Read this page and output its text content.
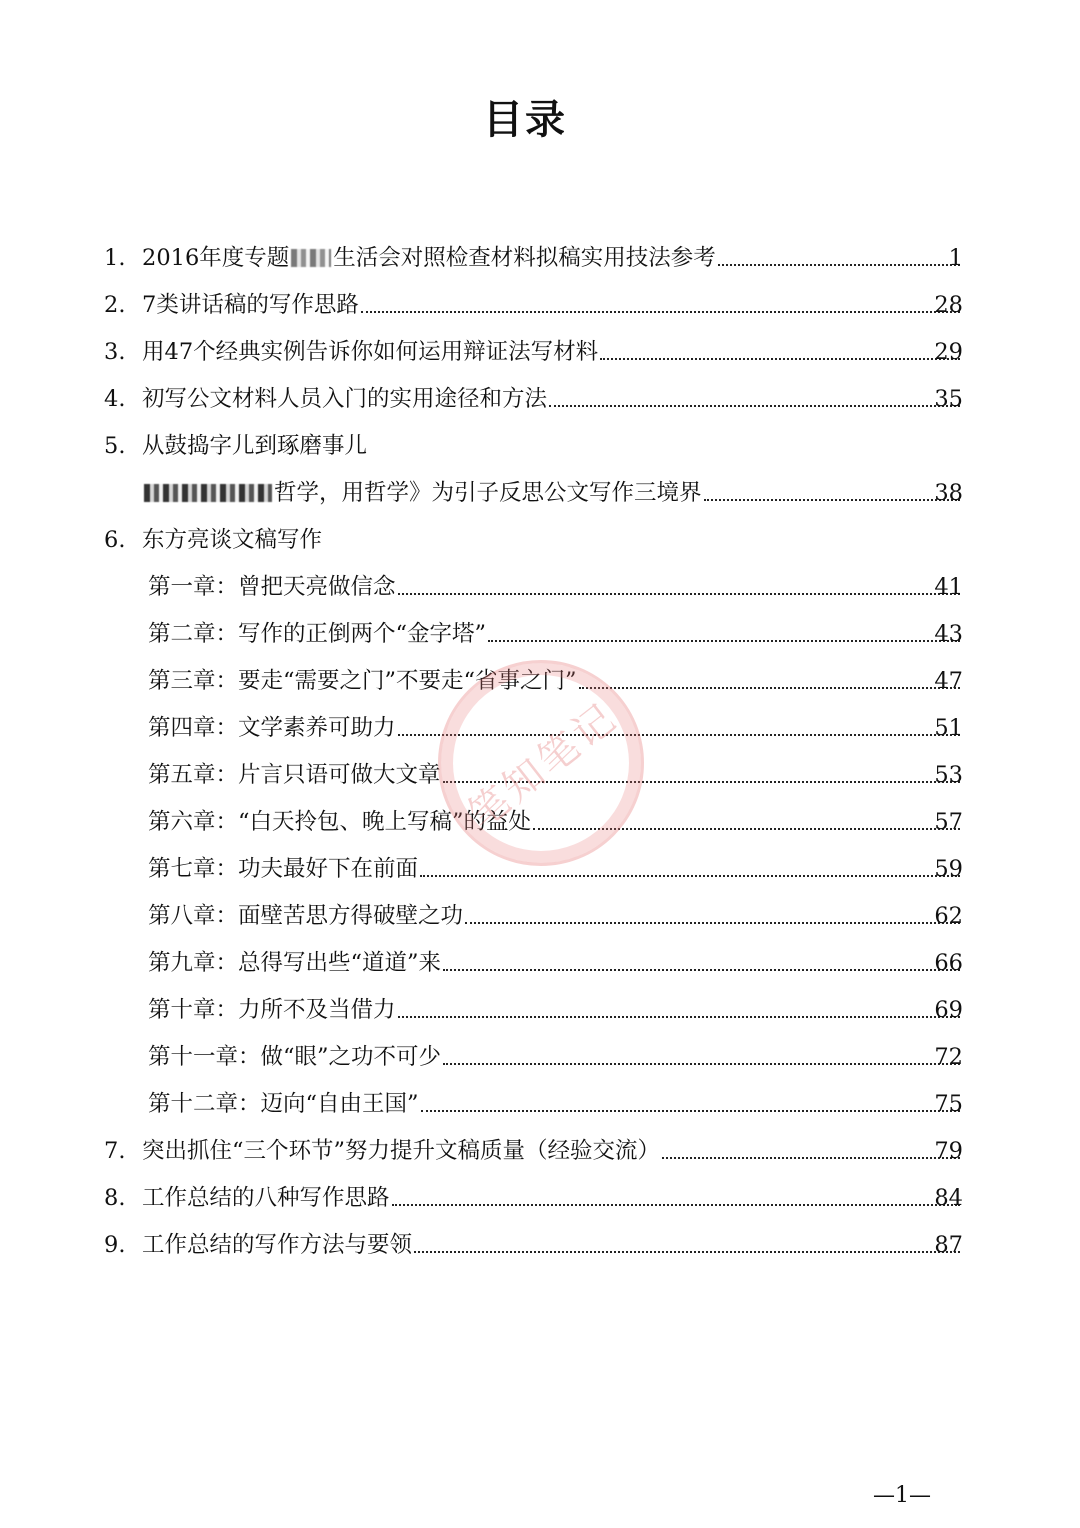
目录
1. 2016年度专题 生活会对照检查材料拟稿实用技法参考	1
2. 7类讲话稿的写作思路	28
3. 用47个经典实例告诉你如何运用辩证法写材料	29
4. 初写公文材料人员入门的实用途径和方法	35
5. 从鼓捣字儿到琢磨事儿
哲学，用哲学》为引子反思公文写作三境界	38
6. 东方亮谈文稿写作
第一章：曾把天亮做信念	41
第二章：写作的正倒两个“金字塔”	43
第三章：要走“需要之门”不要走“省事之门”	47
第四章：文学素养可助力	51
第五章：片言只语可做大文章	53
第六章：“白天拎包、晚上写稿”的益处	57
第七章：功夫最好下在前面	59
第八章：面壁苦思方得破壁之功	62
第九章：总得写出些“道道”来	66
第十章：力所不及当借力	69
第十一章：做“眼”之功不可少	72
第十二章：迈向“自由王国”	75
7. 突出抓住“三个环节”努力提升文稿质量（经验交流）	79
8. 工作总结的八种写作思路	84
9. 工作总结的写作方法与要领	87
笔知笔记
—1—
